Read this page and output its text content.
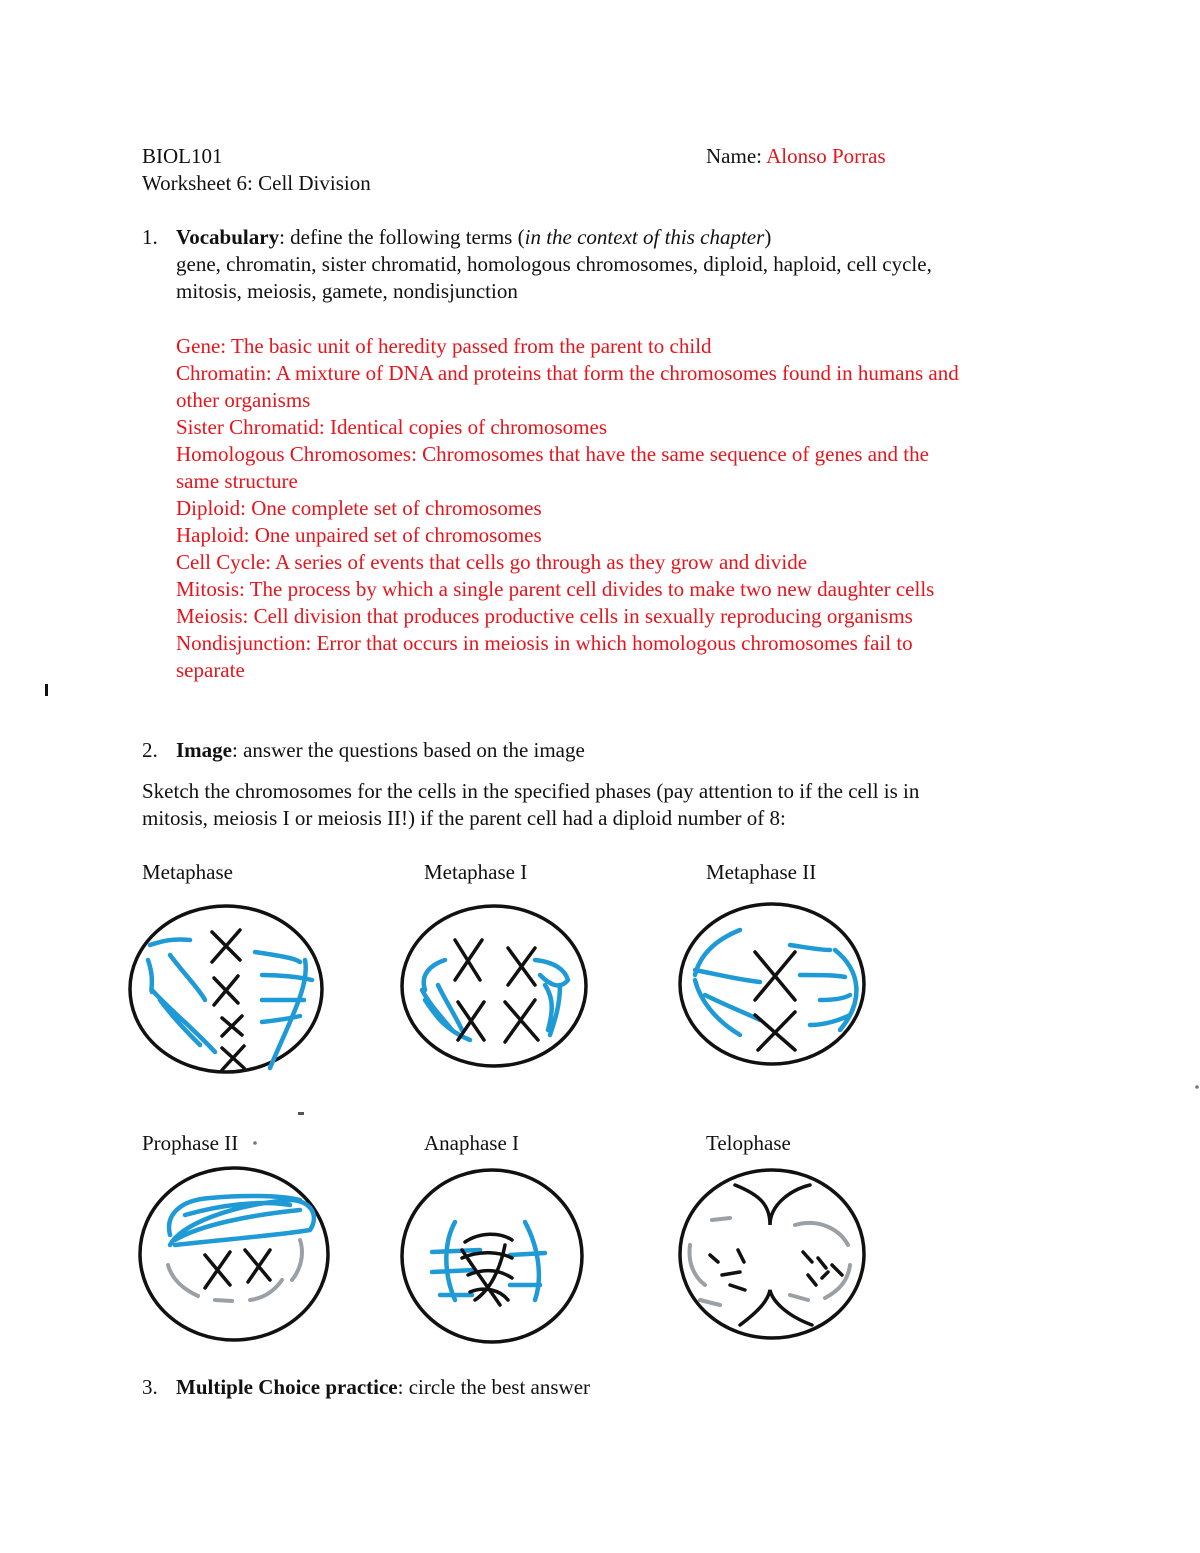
BIOL101	Name: Alonso Porras
Worksheet 6: Cell Division
1. Vocabulary: define the following terms (in the context of this chapter)
gene, chromatin, sister chromatid, homologous chromosomes, diploid, haploid, cell cycle,
mitosis, meiosis, gamete, nondisjunction
Gene: The basic unit of heredity passed from the parent to child
Chromatin: A mixture of DNA and proteins that form the chromosomes found in humans and
other organisms
Sister Chromatid: Identical copies of chromosomes
Homologous Chromosomes: Chromosomes that have the same sequence of genes and the
same structure
Diploid: One complete set of chromosomes
Haploid: One unpaired set of chromosomes
Cell Cycle: A series of events that cells go through as they grow and divide
Mitosis: The process by which a single parent cell divides to make two new daughter cells
Meiosis: Cell division that produces productive cells in sexually reproducing organisms
Nondisjunction: Error that occurs in meiosis in which homologous chromosomes fail to
separate
2. Image: answer the questions based on the image
Sketch the chromosomes for the cells in the specified phases (pay attention to if the cell is in
mitosis, meiosis I or meiosis II!) if the parent cell had a diploid number of 8:
Metaphase	Metaphase I	Metaphase II
Prophase II	Anaphase I	Telophase
3. Multiple Choice practice: circle the best answer
